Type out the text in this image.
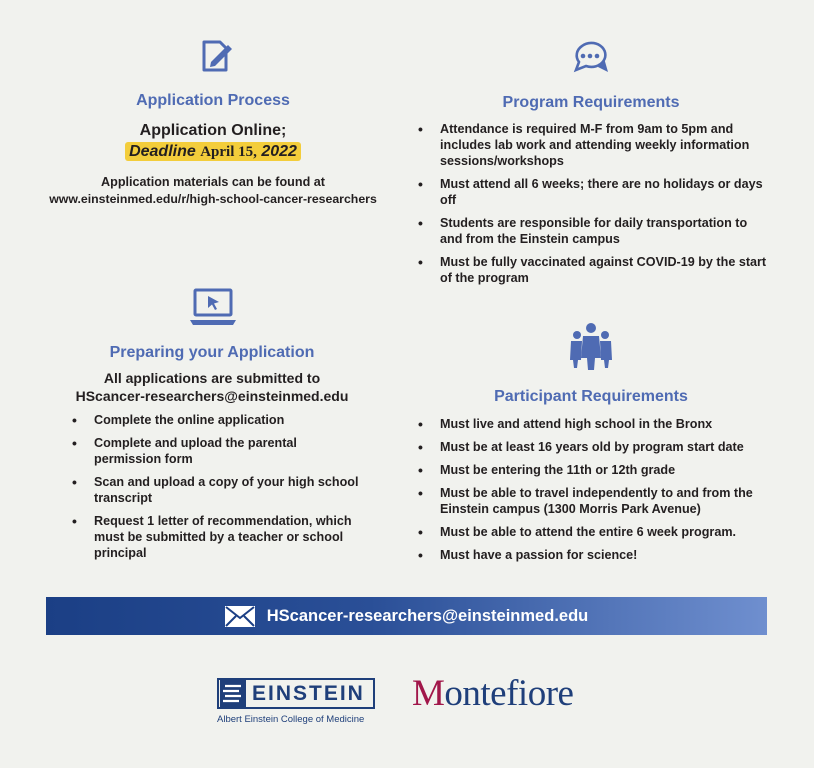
Application Process
Application Online;
Deadline April 15, 2022
Application materials can be found at
www.einsteinmed.edu/r/high-school-cancer-researchers
Program Requirements
• Attendance is required M-F from 9am to 5pm and includes lab work and attending weekly information sessions/workshops
• Must attend all 6 weeks; there are no holidays or days off
• Students are responsible for daily transportation to and from the Einstein campus
• Must be fully vaccinated against COVID-19 by the start of the program
Preparing your Application
All applications are submitted to
HScancer-researchers@einsteinmed.edu
• Complete the online application
• Complete and upload the parental permission form
• Scan and upload a copy of your high school transcript
• Request 1 letter of recommendation, which must be submitted by a teacher or school principal
Participant Requirements
• Must live and attend high school in the Bronx
• Must be at least 16 years old by program start date
• Must be entering the 11th or 12th grade
• Must be able to travel independently to and from the Einstein campus (1300 Morris Park Avenue)
• Must be able to attend the entire 6 week program.
• Must have a passion for science!
HScancer-researchers@einsteinmed.edu
EINSTEIN
Albert Einstein College of Medicine
Montefiore
